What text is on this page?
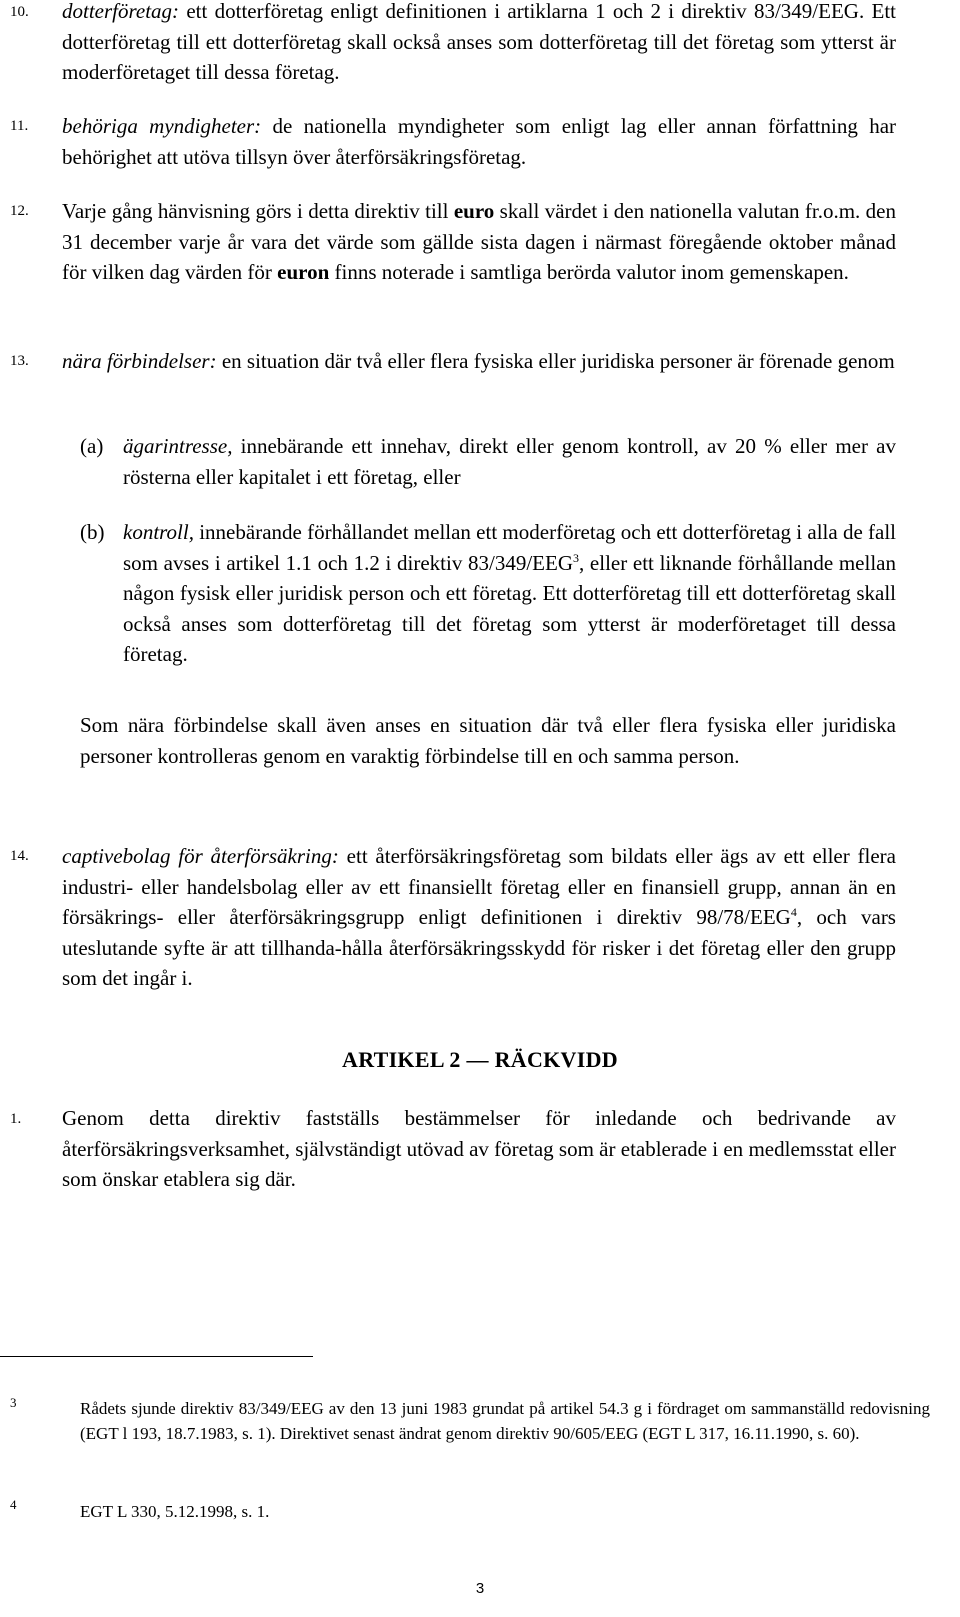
10. dotterföretag: ett dotterföretag enligt definitionen i artiklarna 1 och 2 i direktiv 83/349/EEG. Ett dotterföretag till ett dotterföretag skall också anses som dotterföretag till det företag som ytterst är moderföretaget till dessa företag.
11. behöriga myndigheter: de nationella myndigheter som enligt lag eller annan författning har behörighet att utöva tillsyn över återförsäkringsföretag.
12. Varje gång hänvisning görs i detta direktiv till euro skall värdet i den nationella valutan fr.o.m. den 31 december varje år vara det värde som gällde sista dagen i närmast föregående oktober månad för vilken dag värden för euron finns noterade i samtliga berörda valutor inom gemenskapen.
13. nära förbindelser: en situation där två eller flera fysiska eller juridiska personer är förenade genom
(a) ägarintresse, innebärande ett innehav, direkt eller genom kontroll, av 20 % eller mer av rösterna eller kapitalet i ett företag, eller
(b) kontroll, innebärande förhållandet mellan ett moderföretag och ett dotterföretag i alla de fall som avses i artikel 1.1 och 1.2 i direktiv 83/349/EEG$^3$, eller ett liknande förhållande mellan någon fysisk eller juridisk person och ett företag. Ett dotterföretag till ett dotterföretag skall också anses som dotterföretag till det företag som ytterst är moderföretaget till dessa företag.
Som nära förbindelse skall även anses en situation där två eller flera fysiska eller juridiska personer kontrolleras genom en varaktig förbindelse till en och samma person.
14. captivebolag för återförsäkring: ett återförsäkringsföretag som bildats eller ägs av ett eller flera industri- eller handelsbolag eller av ett finansiellt företag eller en finansiell grupp, annan än en försäkrings- eller återförsäkringsgrupp enligt definitionen i direktiv 98/78/EEG$^4$, och vars uteslutande syfte är att tillhanda-hålla återförsäkringsskydd för risker i det företag eller den grupp som det ingår i.
ARTIKEL 2 — RÄCKVIDD
1. Genom detta direktiv fastställs bestämmelser för inledande och bedrivande av återförsäkringsverksamhet, självständigt utövad av företag som är etablerade i en medlemsstat eller som önskar etablera sig där.
3	Rådets sjunde direktiv 83/349/EEG av den 13 juni 1983 grundat på artikel 54.3 g i fördraget om sammanställd redovisning (EGT l 193, 18.7.1983, s. 1). Direktivet senast ändrat genom direktiv 90/605/EEG (EGT L 317, 16.11.1990, s. 60).
4	EGT L 330, 5.12.1998, s. 1.
3
